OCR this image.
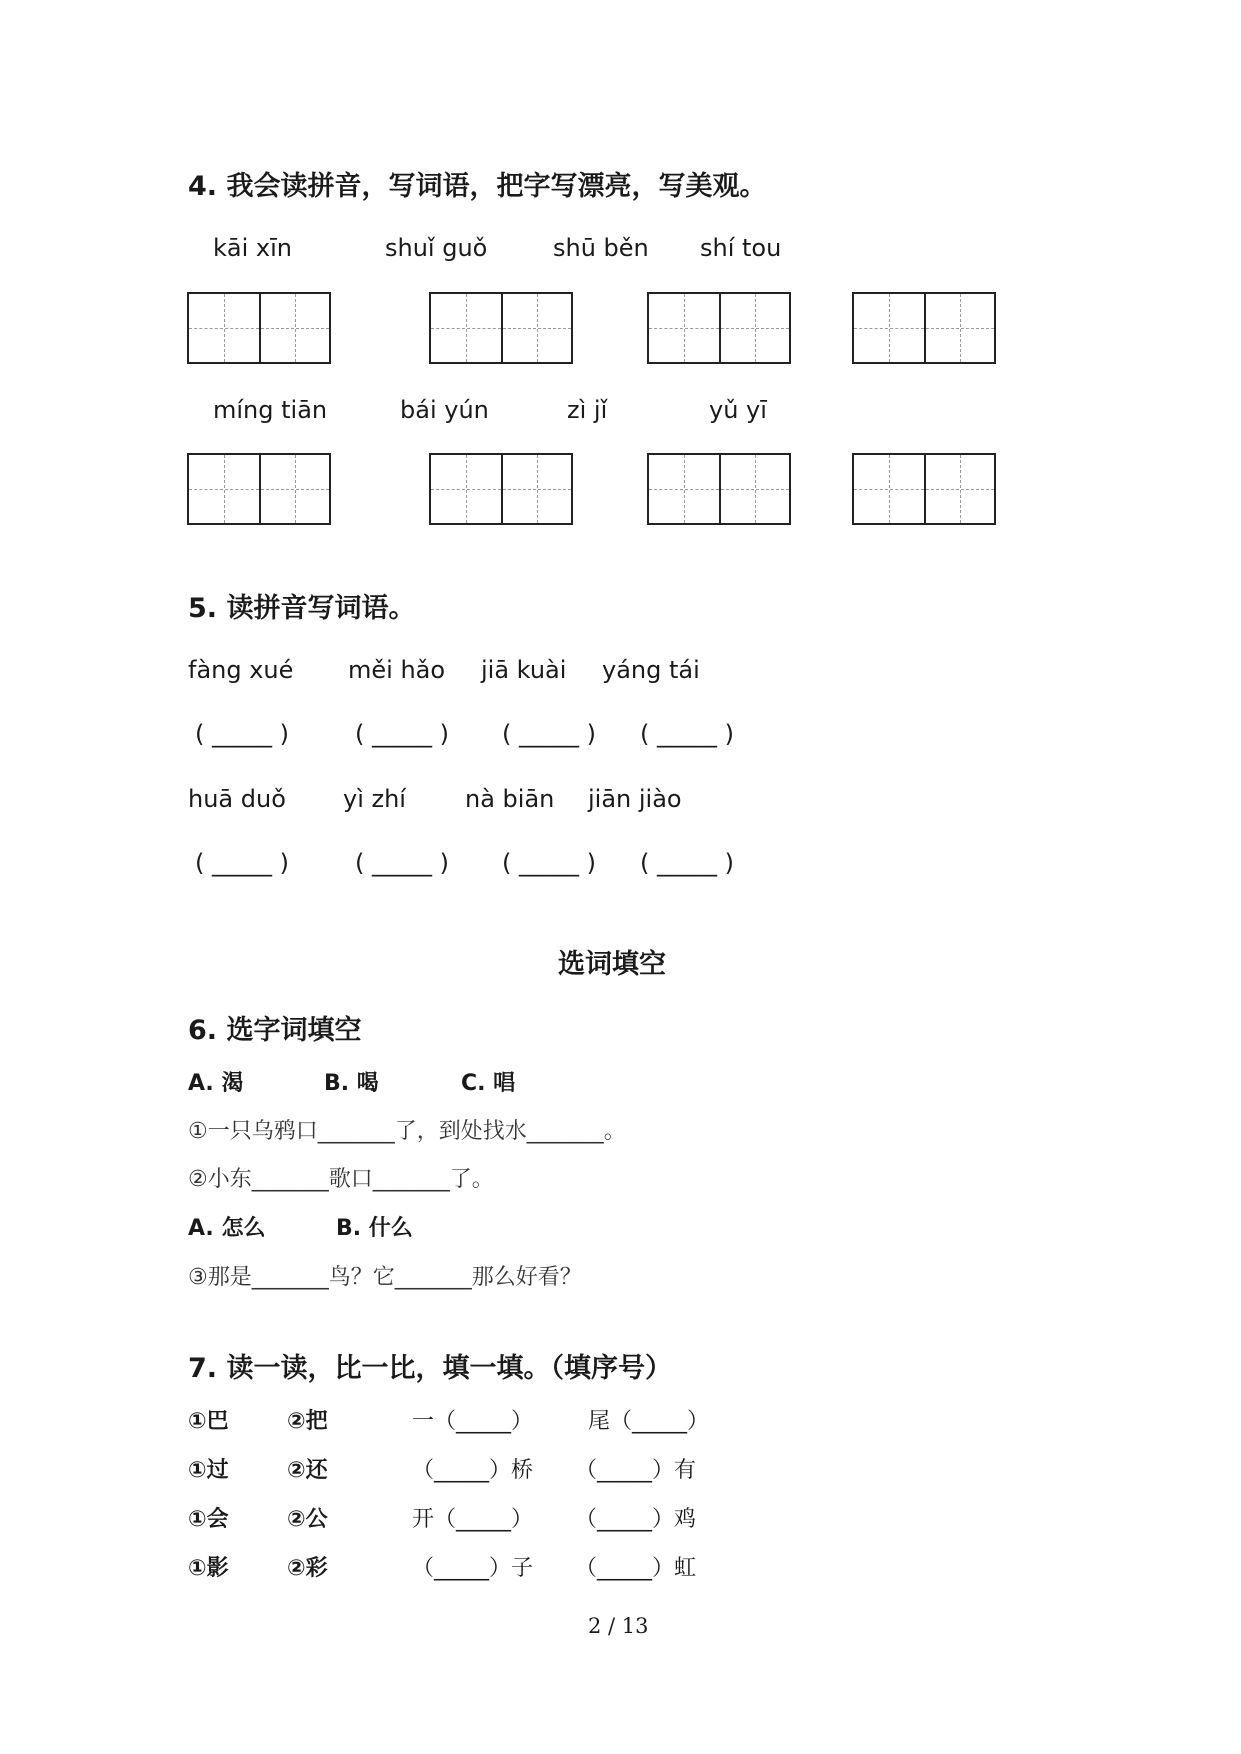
4. 我会读拼音，写词语，把字写漂亮，写美观。
kāi xīn	shuǐ guǒ	shū běn shí tou
míng tiān	bái yún	zì jǐ	yǔ yī
5. 读拼音写词语。
fàng xué měi hǎo jiā kuài yáng tái
( _____ )	( _____ ) ( _____ ) ( _____ )
huā duǒ yì zhí nà biān jiān jiào
( _____ )	( _____ ) ( _____ ) ( _____ )
选词填空
6. 选字词填空
A. 渴	B. 喝	C. 唱
①一只乌鸦口_______了，到处找水_______。
②小东_______歌口_______了。
A. 怎么	B. 什么
③那是_______鸟？它_______那么好看？
7. 读一读，比一比，填一填。（填序号）
①巴	②把	一（_____） 尾（_____）
①过	②还	（_____）桥 （_____）有
①会	②公	开（_____） （_____）鸡
①影	②彩	（_____）子 （_____）虹
2 / 13
